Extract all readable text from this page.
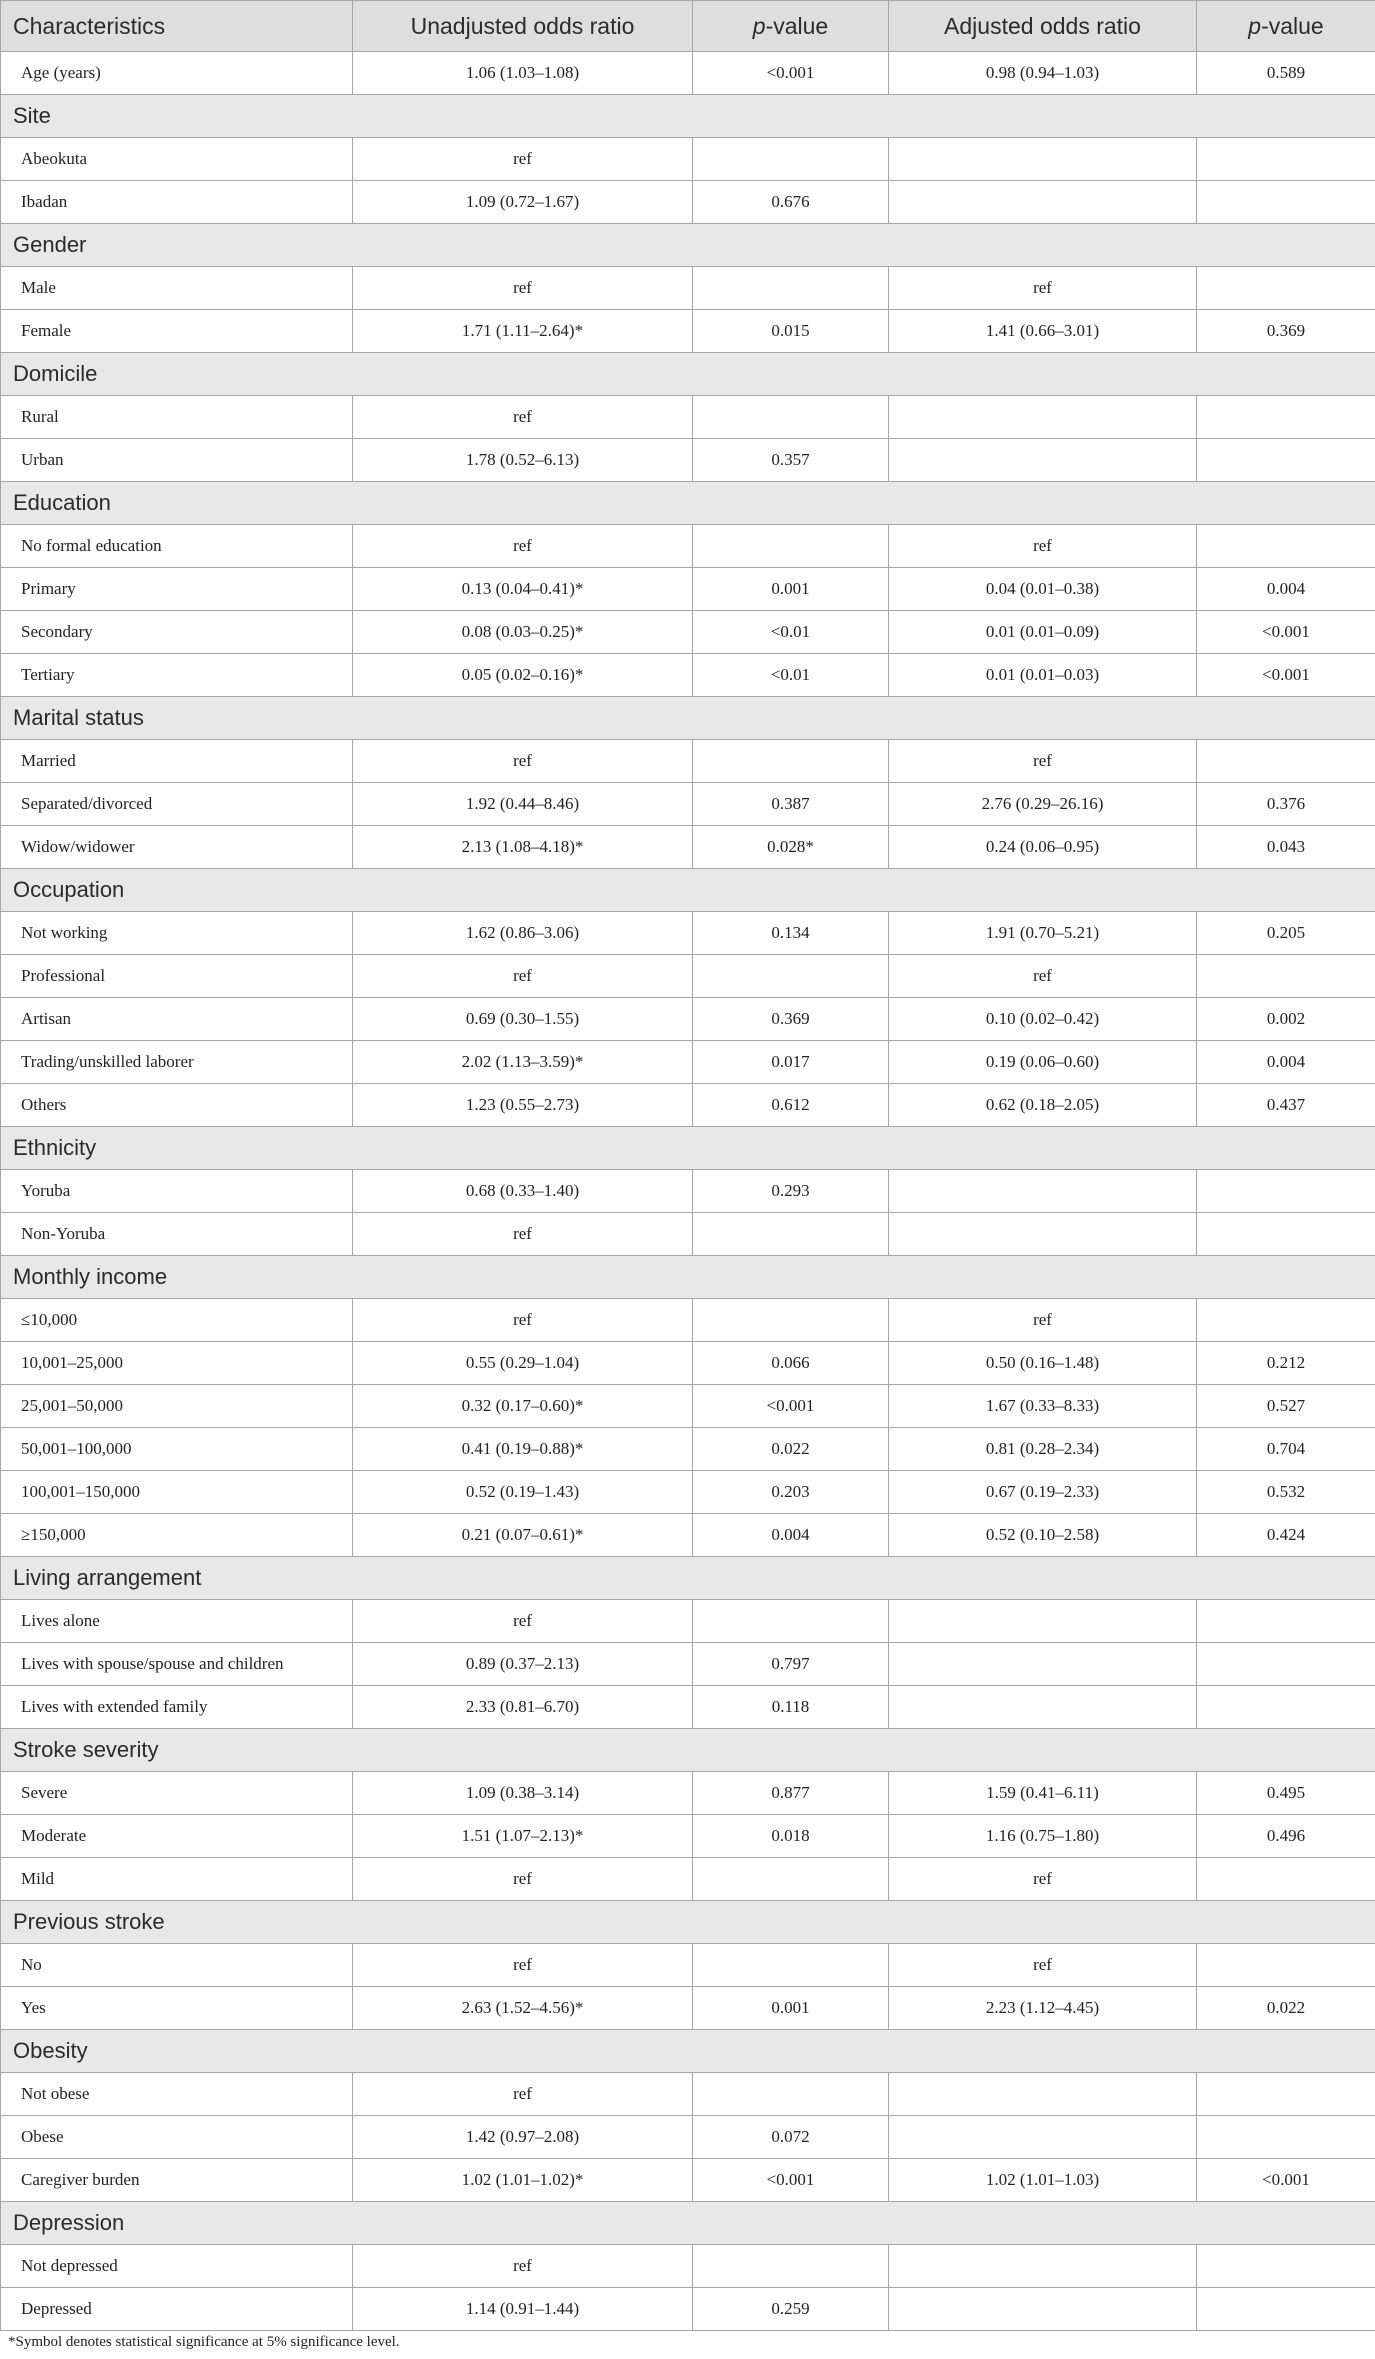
Characteristics	Unadjusted odds ratio	p-value	Adjusted odds ratio	p-value
Age (years)	1.06 (1.03–1.08)	<0.001	0.98 (0.94–1.03)	0.589
Site				
Abeokuta	ref			
Ibadan	1.09 (0.72–1.67)	0.676		
Gender				
Male	ref		ref	
Female	1.71 (1.11–2.64)*	0.015	1.41 (0.66–3.01)	0.369
Domicile				
Rural	ref			
Urban	1.78 (0.52–6.13)	0.357		
Education				
No formal education	ref		ref	
Primary	0.13 (0.04–0.41)*	0.001	0.04 (0.01–0.38)	0.004
Secondary	0.08 (0.03–0.25)*	<0.01	0.01 (0.01–0.09)	<0.001
Tertiary	0.05 (0.02–0.16)*	<0.01	0.01 (0.01–0.03)	<0.001
Marital status				
Married	ref		ref	
Separated/divorced	1.92 (0.44–8.46)	0.387	2.76 (0.29–26.16)	0.376
Widow/widower	2.13 (1.08–4.18)*	0.028*	0.24 (0.06–0.95)	0.043
Occupation				
Not working	1.62 (0.86–3.06)	0.134	1.91 (0.70–5.21)	0.205
Professional	ref		ref	
Artisan	0.69 (0.30–1.55)	0.369	0.10 (0.02–0.42)	0.002
Trading/unskilled laborer	2.02 (1.13–3.59)*	0.017	0.19 (0.06–0.60)	0.004
Others	1.23 (0.55–2.73)	0.612	0.62 (0.18–2.05)	0.437
Ethnicity				
Yoruba	0.68 (0.33–1.40)	0.293		
Non-Yoruba	ref			
Monthly income				
≤10,000	ref		ref	
10,001–25,000	0.55 (0.29–1.04)	0.066	0.50 (0.16–1.48)	0.212
25,001–50,000	0.32 (0.17–0.60)*	<0.001	1.67 (0.33–8.33)	0.527
50,001–100,000	0.41 (0.19–0.88)*	0.022	0.81 (0.28–2.34)	0.704
100,001–150,000	0.52 (0.19–1.43)	0.203	0.67 (0.19–2.33)	0.532
≥150,000	0.21 (0.07–0.61)*	0.004	0.52 (0.10–2.58)	0.424
Living arrangement				
Lives alone	ref			
Lives with spouse/spouse and children	0.89 (0.37–2.13)	0.797		
Lives with extended family	2.33 (0.81–6.70)	0.118		
Stroke severity				
Severe	1.09 (0.38–3.14)	0.877	1.59 (0.41–6.11)	0.495
Moderate	1.51 (1.07–2.13)*	0.018	1.16 (0.75–1.80)	0.496
Mild	ref		ref	
Previous stroke				
No	ref		ref	
Yes	2.63 (1.52–4.56)*	0.001	2.23 (1.12–4.45)	0.022
Obesity				
Not obese	ref			
Obese	1.42 (0.97–2.08)	0.072		
Caregiver burden	1.02 (1.01–1.02)*	<0.001	1.02 (1.01–1.03)	<0.001
Depression				
Not depressed	ref			
Depressed	1.14 (0.91–1.44)	0.259		
*Symbol denotes statistical significance at 5% significance level.
